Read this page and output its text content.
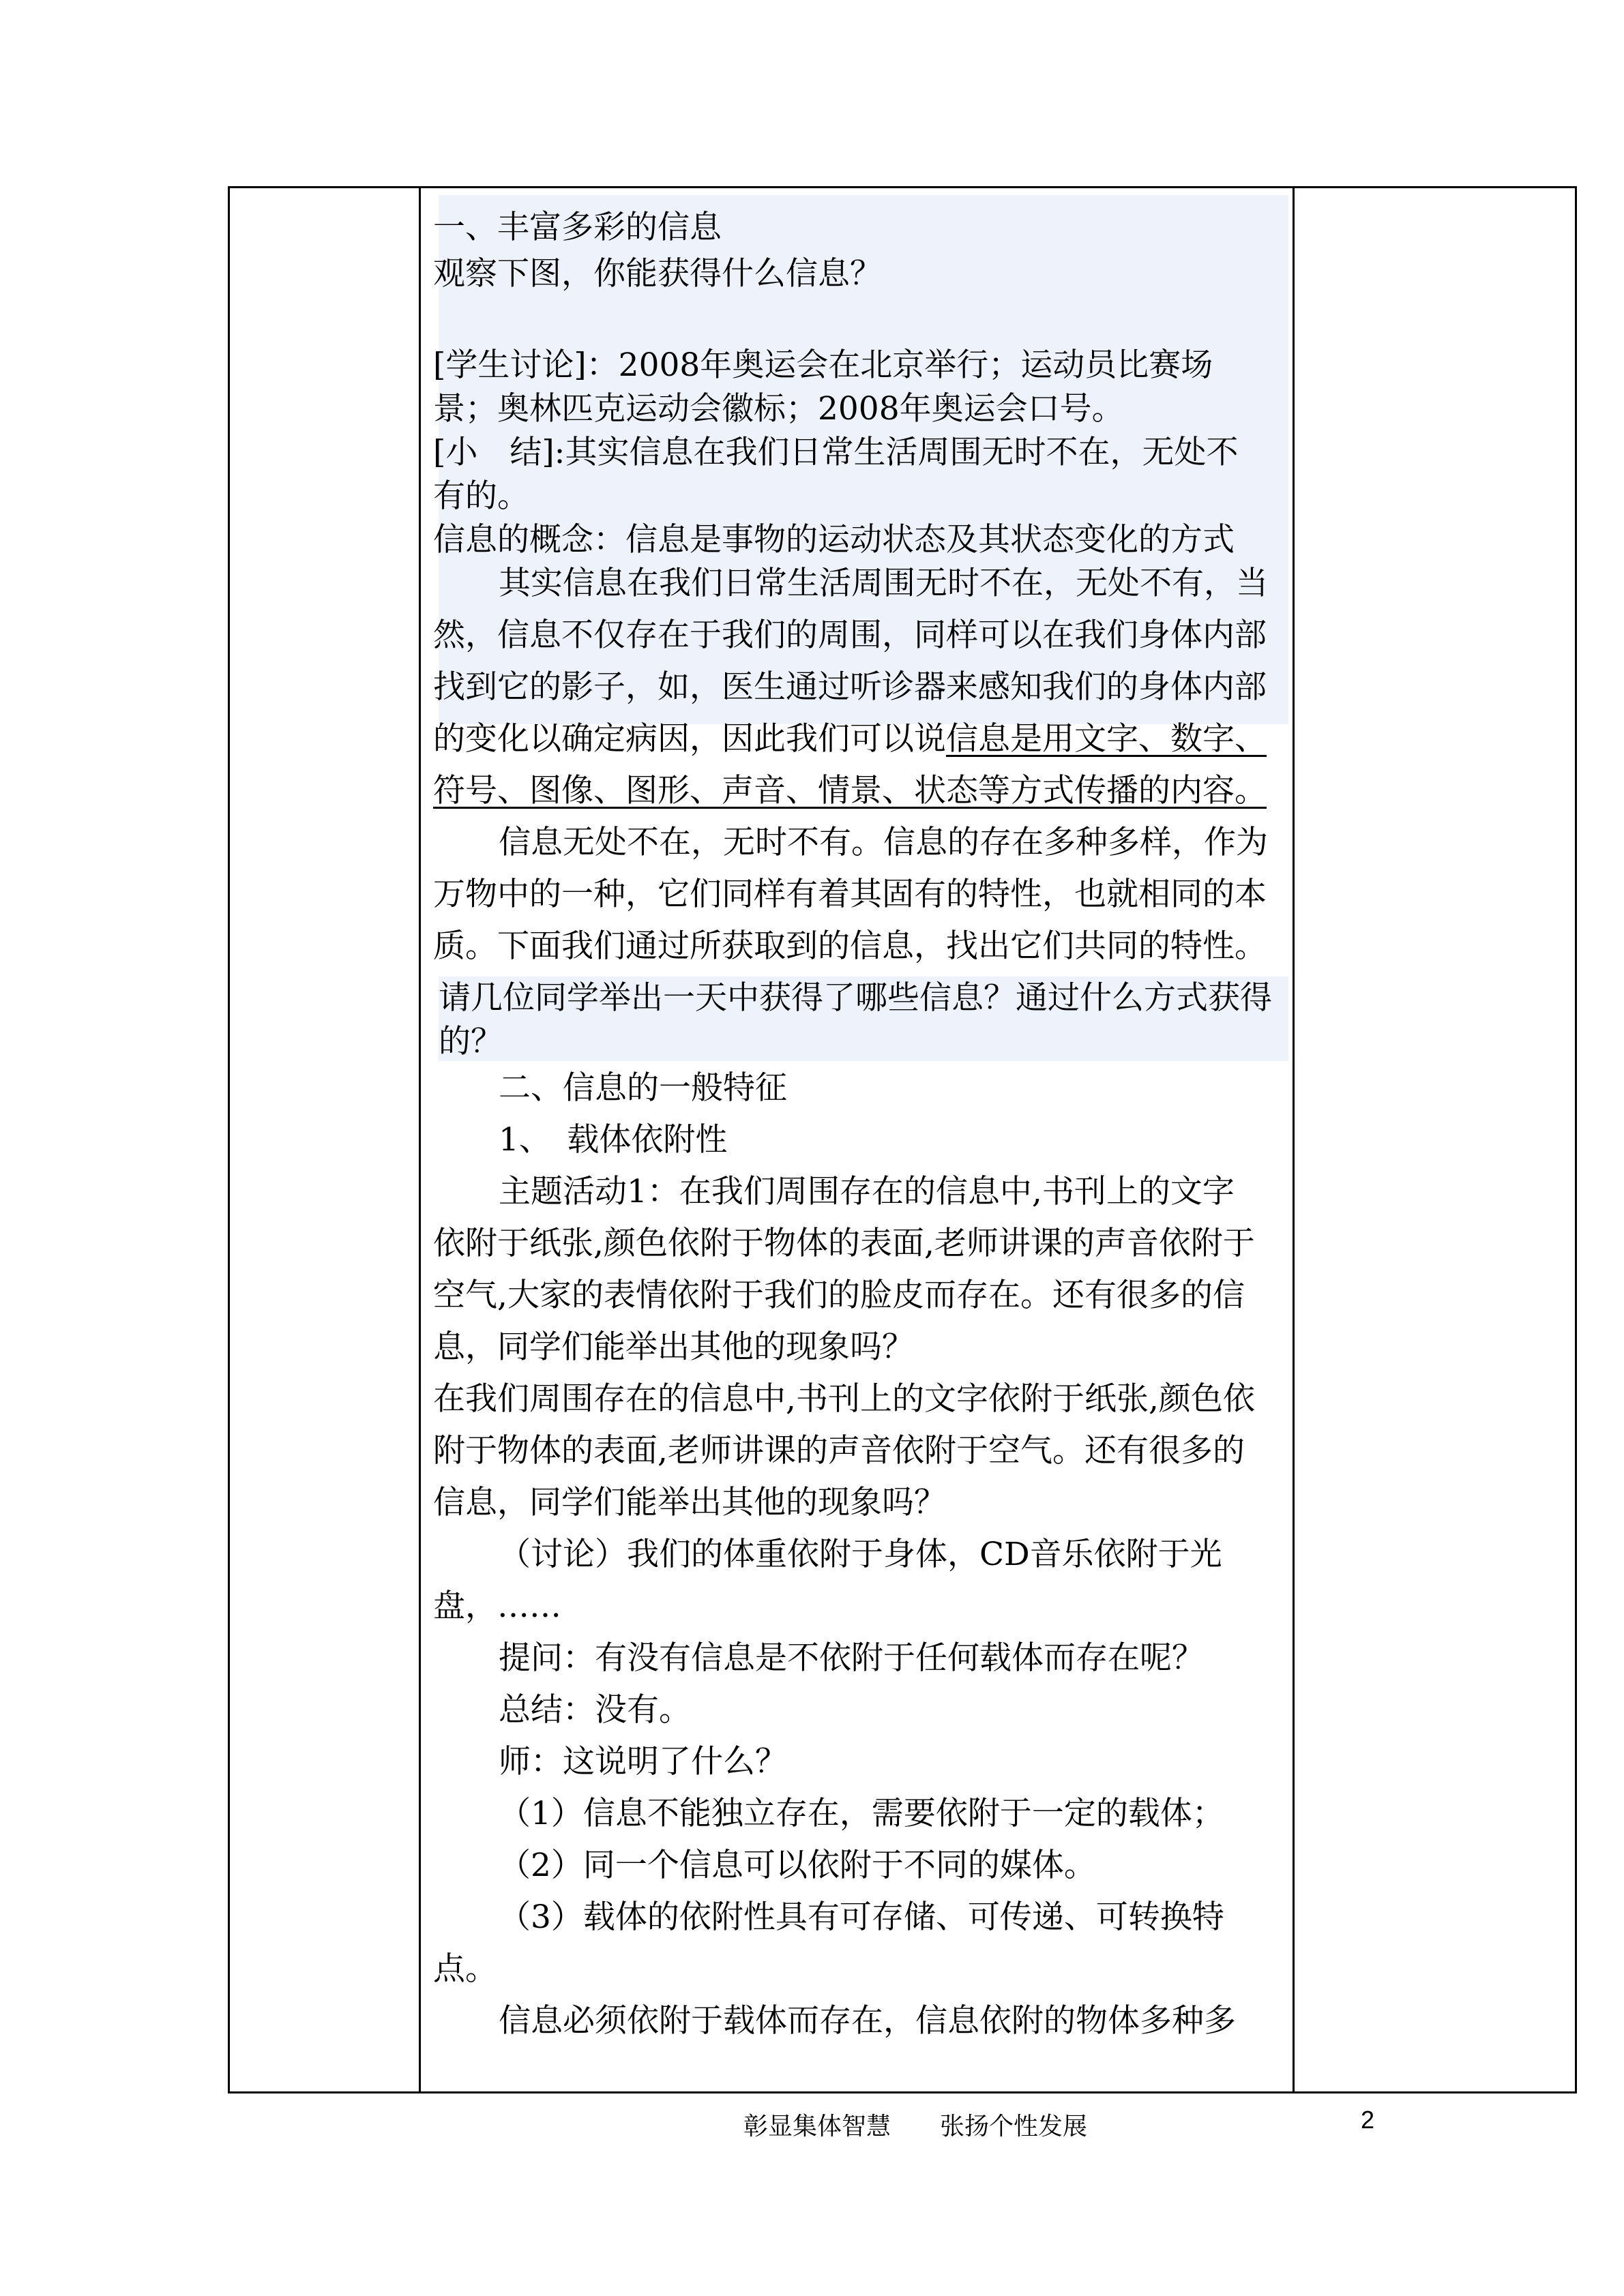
一、丰富多彩的信息
观察下图，你能获得什么信息？
[学生讨论]：2008年奥运会在北京举行；运动员比赛场
景；奥林匹克运动会徽标；2008年奥运会口号。
[小　结]:其实信息在我们日常生活周围无时不在，无处不
有的。
信息的概念：信息是事物的运动状态及其状态变化的方式
其实信息在我们日常生活周围无时不在，无处不有，当
然，信息不仅存在于我们的周围，同样可以在我们身体内部
找到它的影子，如，医生通过听诊器来感知我们的身体内部
的变化以确定病因，因此我们可以说信息是用文字、数字、
符号、图像、图形、声音、情景、状态等方式传播的内容。
信息无处不在，无时不有。信息的存在多种多样，作为
万物中的一种，它们同样有着其固有的特性，也就相同的本
质。下面我们通过所获取到的信息，找出它们共同的特性。
请几位同学举出一天中获得了哪些信息？通过什么方式获得
的？
二、信息的一般特征
1、　载体依附性
主题活动1：在我们周围存在的信息中,书刊上的文字
依附于纸张,颜色依附于物体的表面,老师讲课的声音依附于
空气,大家的表情依附于我们的脸皮而存在。还有很多的信
息，同学们能举出其他的现象吗？
在我们周围存在的信息中,书刊上的文字依附于纸张,颜色依
附于物体的表面,老师讲课的声音依附于空气。还有很多的
信息，同学们能举出其他的现象吗？
（讨论）我们的体重依附于身体，CD音乐依附于光
盘，……
提问：有没有信息是不依附于任何载体而存在呢？
总结：没有。
师：这说明了什么？
（1）信息不能独立存在，需要依附于一定的载体；
（2）同一个信息可以依附于不同的媒体。
（3）载体的依附性具有可存储、可传递、可转换特
点。
信息必须依附于载体而存在，信息依附的物体多种多
彰显集体智慧　　张扬个性发展	2
